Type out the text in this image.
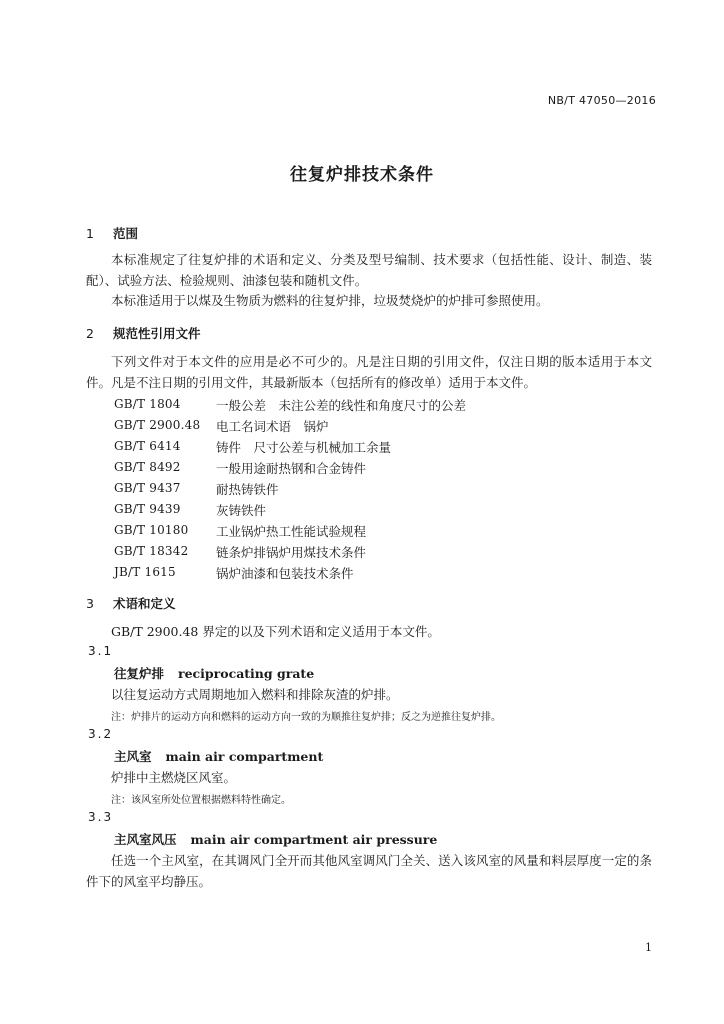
NB/T 47050—2016
往复炉排技术条件
1 范围
本标准规定了往复炉排的术语和定义、分类及型号编制、技术要求（包括性能、设计、制造、装配）、试验方法、检验规则、油漆包装和随机文件。
本标准适用于以煤及生物质为燃料的往复炉排，垃圾焚烧炉的炉排可参照使用。
2 规范性引用文件
下列文件对于本文件的应用是必不可少的。凡是注日期的引用文件，仅注日期的版本适用于本文件。凡是不注日期的引用文件，其最新版本（包括所有的修改单）适用于本文件。
GB/T 1804	一般公差　未注公差的线性和角度尺寸的公差
GB/T 2900.48 电工名词术语　锅炉
GB/T 6414	铸件　尺寸公差与机械加工余量
GB/T 8492	一般用途耐热钢和合金铸件
GB/T 9437	耐热铸铁件
GB/T 9439	灰铸铁件
GB/T 10180 工业锅炉热工性能试验规程
GB/T 18342 链条炉排锅炉用煤技术条件
JB/T 1615	锅炉油漆和包装技术条件
3 术语和定义
GB/T 2900.48 界定的以及下列术语和定义适用于本文件。
3.1
往复炉排 reciprocating grate
以往复运动方式周期地加入燃料和排除灰渣的炉排。
注：炉排片的运动方向和燃料的运动方向一致的为顺推往复炉排；反之为逆推往复炉排。
3.2
主风室 main air compartment
炉排中主燃烧区风室。
注：该风室所处位置根据燃料特性确定。
3.3
主风室风压 main air compartment air pressure
任选一个主风室，在其调风门全开而其他风室调风门全关、送入该风室的风量和料层厚度一定的条件下的风室平均静压。
1
